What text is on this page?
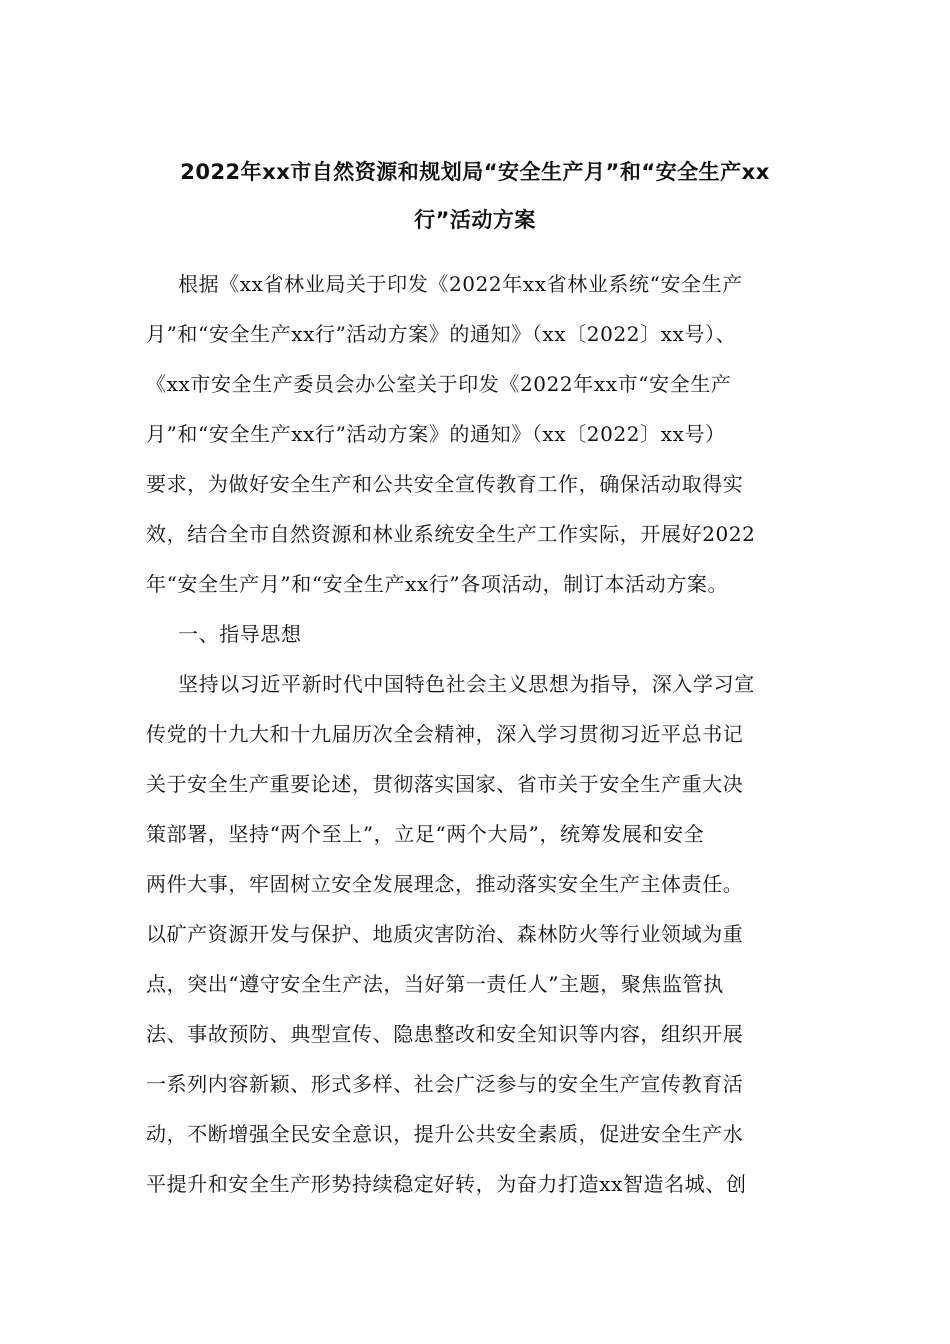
2022年xx市自然资源和规划局“安全生产月”和“安全生产xx
行”活动方案
根据《xx省林业局关于印发《2022年xx省林业系统“安全生产
月”和“安全生产xx行”活动方案》的通知》（xx〔2022〕xx号）、
《xx市安全生产委员会办公室关于印发《2022年xx市“安全生产
月”和“安全生产xx行”活动方案》的通知》（xx〔2022〕xx号）
要求，为做好安全生产和公共安全宣传教育工作，确保活动取得实
效，结合全市自然资源和林业系统安全生产工作实际，开展好2022
年“安全生产月”和“安全生产xx行”各项活动，制订本活动方案。
一、指导思想
坚持以习近平新时代中国特色社会主义思想为指导，深入学习宣
传党的十九大和十九届历次全会精神，深入学习贯彻习近平总书记
关于安全生产重要论述，贯彻落实国家、省市关于安全生产重大决
策部署，坚持“两个至上”，立足“两个大局”，统筹发展和安全
两件大事，牢固树立安全发展理念，推动落实安全生产主体责任。
以矿产资源开发与保护、地质灾害防治、森林防火等行业领域为重
点，突出“遵守安全生产法，当好第一责任人”主题，聚焦监管执
法、事故预防、典型宣传、隐患整改和安全知识等内容，组织开展
一系列内容新颖、形式多样、社会广泛参与的安全生产宣传教育活
动，不断增强全民安全意识，提升公共安全素质，促进安全生产水
平提升和安全生产形势持续稳定好转，为奋力打造xx智造名城、创
